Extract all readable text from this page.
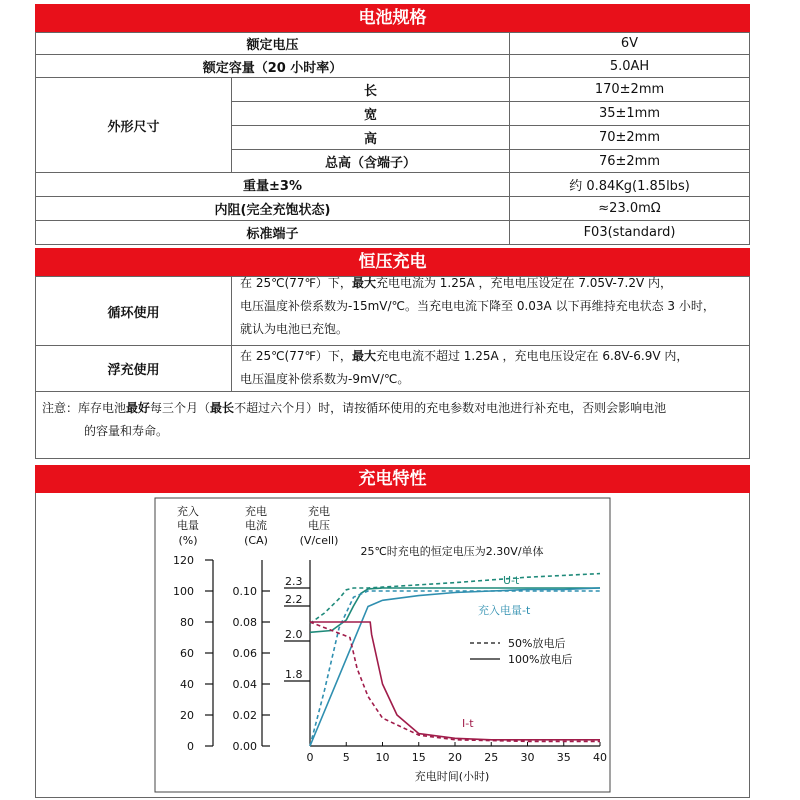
电池规格
额定电压	6V
额定容量（20 小时率）	5.0AH
外形尺寸
长	170±2mm
宽	35±1mm
高	70±2mm
总高（含端子）	76±2mm
重量±3%	约 0.84Kg(1.85lbs)
内阻(完全充饱状态)	≈23.0mΩ
标准端子	F03(standard)
恒压充电
循环使用
在 25℃(77℉）下，最大充电电流为 1.25A ，充电电压设定在 7.05V-7.2V 内，
电压温度补偿系数为-15mV/℃。当充电电流下降至 0.03A 以下再维持充电状态 3 小时，
就认为电池已充饱。
浮充使用
在 25℃(77℉）下，最大充电电流不超过 1.25A ，充电电压设定在 6.8V-6.9V 内，
电压温度补偿系数为-9mV/℃。
注意：库存电池最好每三个月（最长不超过六个月）时，请按循环使用的充电参数对电池进行补充电，否则会影响电池
的容量和寿命。
充电特性
充入
电量
(%)
充电
电流
(CA)
充电
电压
(V/cell)
25℃时充电的恒定电压为2.30V/单体
120
100
80
60
40
20
0
0.10
0.08
0.06
0.04
0.02
0.00
2.3
2.2
2.0
1.8
0	5 10 15 20 25 30 35 40
U-t
充入电量-t
I-t
50%放电后
100%放电后
充电时间(小时)
